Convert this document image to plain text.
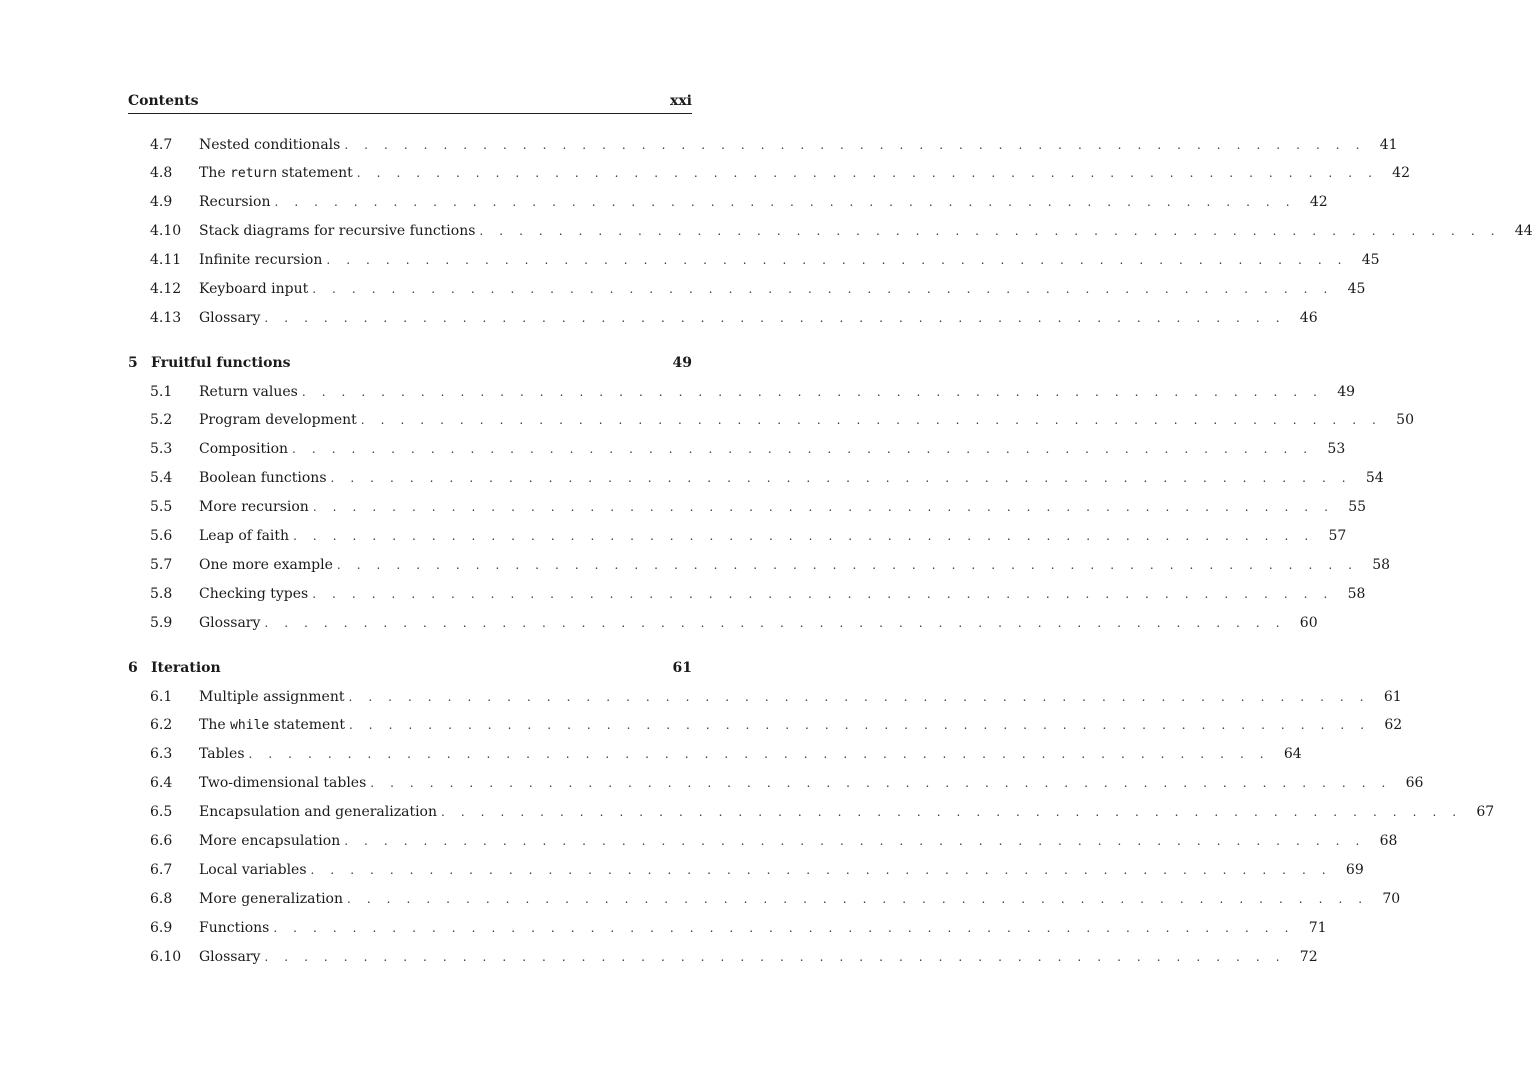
Contents	xxi
4.7	Nested conditionals . . . . . . . . . . . . . . . . . . . . . . . . . . . . . . . . . . . . . . . . . . . . . . . . . . . .	41
4.8	The return statement . . . . . . . . . . . . . . . . . . . . . . . . . . . . . . . . . . . . . . . . . . . . . . . . . . . .	42
4.9	Recursion . . . . . . . . . . . . . . . . . . . . . . . . . . . . . . . . . . . . . . . . . . . . . . . . . . . .	42
4.10	Stack diagrams for recursive functions . . . . . . . . . . . . . . . . . . . . . . . . . . . . . . . . . . . . . . . . . . . . . . . . . . . .	44
4.11	Infinite recursion . . . . . . . . . . . . . . . . . . . . . . . . . . . . . . . . . . . . . . . . . . . . . . . . . . . .	45
4.12	Keyboard input . . . . . . . . . . . . . . . . . . . . . . . . . . . . . . . . . . . . . . . . . . . . . . . . . . . .	45
4.13	Glossary . . . . . . . . . . . . . . . . . . . . . . . . . . . . . . . . . . . . . . . . . . . . . . . . . . . .	46
5 Fruitful functions	49
5.1	Return values . . . . . . . . . . . . . . . . . . . . . . . . . . . . . . . . . . . . . . . . . . . . . . . . . . . .	49
5.2	Program development . . . . . . . . . . . . . . . . . . . . . . . . . . . . . . . . . . . . . . . . . . . . . . . . . . . .	50
5.3	Composition . . . . . . . . . . . . . . . . . . . . . . . . . . . . . . . . . . . . . . . . . . . . . . . . . . . .	53
5.4	Boolean functions . . . . . . . . . . . . . . . . . . . . . . . . . . . . . . . . . . . . . . . . . . . . . . . . . . . .	54
5.5	More recursion . . . . . . . . . . . . . . . . . . . . . . . . . . . . . . . . . . . . . . . . . . . . . . . . . . . .	55
5.6	Leap of faith . . . . . . . . . . . . . . . . . . . . . . . . . . . . . . . . . . . . . . . . . . . . . . . . . . . .	57
5.7	One more example . . . . . . . . . . . . . . . . . . . . . . . . . . . . . . . . . . . . . . . . . . . . . . . . . . . .	58
5.8	Checking types . . . . . . . . . . . . . . . . . . . . . . . . . . . . . . . . . . . . . . . . . . . . . . . . . . . .	58
5.9	Glossary . . . . . . . . . . . . . . . . . . . . . . . . . . . . . . . . . . . . . . . . . . . . . . . . . . . .	60
6 Iteration	61
6.1	Multiple assignment . . . . . . . . . . . . . . . . . . . . . . . . . . . . . . . . . . . . . . . . . . . . . . . . . . . .	61
6.2	The while statement . . . . . . . . . . . . . . . . . . . . . . . . . . . . . . . . . . . . . . . . . . . . . . . . . . . .	62
6.3	Tables . . . . . . . . . . . . . . . . . . . . . . . . . . . . . . . . . . . . . . . . . . . . . . . . . . . .	64
6.4	Two-dimensional tables . . . . . . . . . . . . . . . . . . . . . . . . . . . . . . . . . . . . . . . . . . . . . . . . . . . .	66
6.5	Encapsulation and generalization . . . . . . . . . . . . . . . . . . . . . . . . . . . . . . . . . . . . . . . . . . . . . . . . . . . .	67
6.6	More encapsulation . . . . . . . . . . . . . . . . . . . . . . . . . . . . . . . . . . . . . . . . . . . . . . . . . . . .	68
6.7	Local variables . . . . . . . . . . . . . . . . . . . . . . . . . . . . . . . . . . . . . . . . . . . . . . . . . . . .	69
6.8	More generalization . . . . . . . . . . . . . . . . . . . . . . . . . . . . . . . . . . . . . . . . . . . . . . . . . . . .	70
6.9	Functions . . . . . . . . . . . . . . . . . . . . . . . . . . . . . . . . . . . . . . . . . . . . . . . . . . . .	71
6.10	Glossary . . . . . . . . . . . . . . . . . . . . . . . . . . . . . . . . . . . . . . . . . . . . . . . . . . . .	72
